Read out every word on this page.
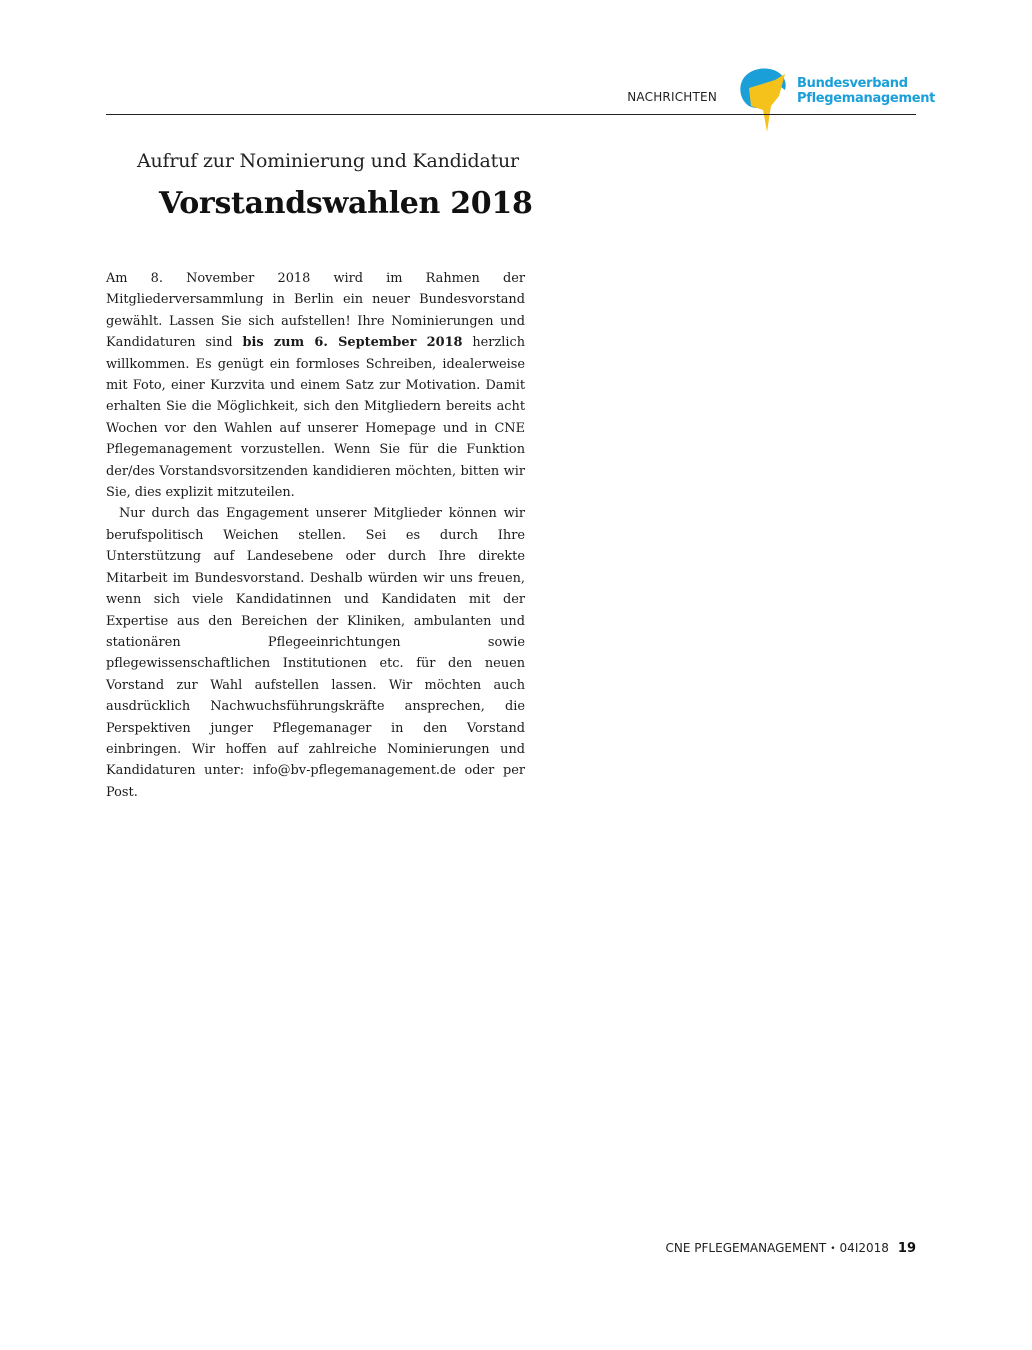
NACHRICHTEN
Bundesverband
Pflegemanagement
Aufruf zur Nominierung und Kandidatur
Vorstandswahlen 2018

Am 8. November 2018 wird im Rahmen der Mitgliederversammlung in Berlin ein neuer Bundesvorstand gewählt. Lassen Sie sich aufstellen! Ihre Nominierungen und Kandidaturen sind bis zum 6. September 2018 herzlich willkommen. Es genügt ein formloses Schreiben, idealerweise mit Foto, einer Kurzvita und einem Satz zur Motivation. Damit erhalten Sie die Möglichkeit, sich den Mitgliedern bereits acht Wochen vor den Wahlen auf unserer Homepage und in CNE Pflegemanagement vorzustellen. Wenn Sie für die Funktion der/des Vorstandsvorsitzenden kandidieren möchten, bitten wir Sie, dies explizit mitzuteilen.

Nur durch das Engagement unserer Mitglieder können wir berufspolitisch Weichen stellen. Sei es durch Ihre Unterstützung auf Landesebene oder durch Ihre direkte Mitarbeit im Bundesvorstand. Deshalb würden wir uns freuen, wenn sich viele Kandidatinnen und Kandidaten mit der Expertise aus den Bereichen der Kliniken, ambulanten und stationären Pflegeeinrichtungen sowie pflegewissenschaftlichen Institutionen etc. für den neuen Vorstand zur Wahl aufstellen lassen. Wir möchten auch ausdrücklich Nachwuchsführungskräfte ansprechen, die Perspektiven junger Pflegemanager in den Vorstand einbringen. Wir hoffen auf zahlreiche Nominierungen und Kandidaturen unter: info@bv-pflegemanagement.de oder per Post.

CNE PFLEGEMANAGEMENT • 04I2018 19
